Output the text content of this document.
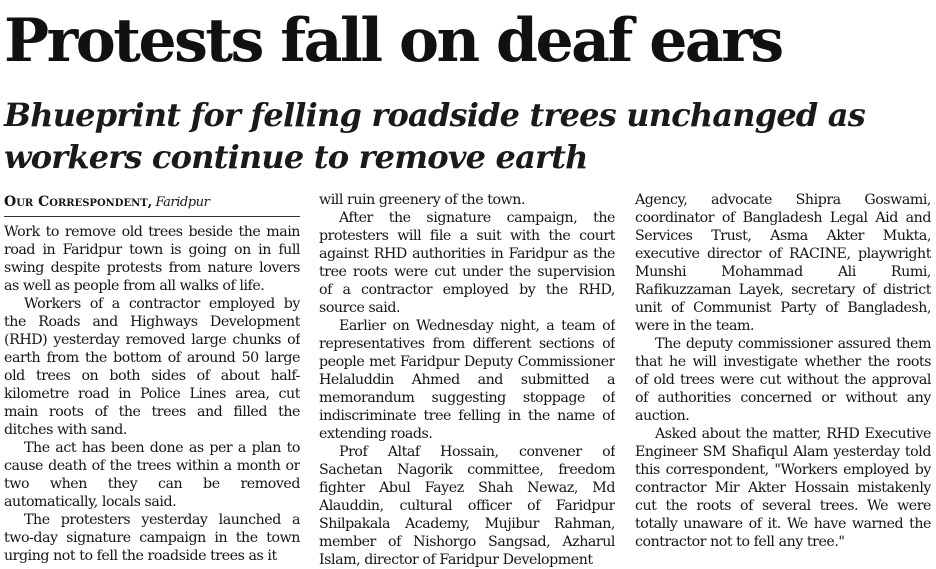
Protests fall on deaf ears
Bhueprint for felling roadside trees unchanged as workers continue to remove earth
Our Correspondent, Faridpur

Work to remove old trees beside the main road in Faridpur town is going on in full swing despite protests from nature lovers as well as people from all walks of life.

Workers of a contractor employed by the Roads and Highways Development (RHD) yesterday removed large chunks of earth from the bottom of around 50 large old trees on both sides of about half-kilometre road in Police Lines area, cut main roots of the trees and filled the ditches with sand.

The act has been done as per a plan to cause death of the trees within a month or two when they can be removed automatically, locals said.

The protesters yesterday launched a two-day signature campaign in the town urging not to fell the roadside trees as it

will ruin greenery of the town.

After the signature campaign, the protesters will file a suit with the court against RHD authorities in Faridpur as the tree roots were cut under the supervision of a contractor employed by the RHD, source said.

Earlier on Wednesday night, a team of representatives from different sections of people met Faridpur Deputy Commissioner Helaluddin Ahmed and submitted a memorandum suggesting stoppage of indiscriminate tree felling in the name of extending roads.

Prof Altaf Hossain, convener of Sachetan Nagorik committee, freedom fighter Abul Fayez Shah Newaz, Md Alauddin, cultural officer of Faridpur Shilpakala Academy, Mujibur Rahman, member of Nishorgo Sangsad, Azharul Islam, director of Faridpur Development

Agency, advocate Shipra Goswami, coordinator of Bangladesh Legal Aid and Services Trust, Asma Akter Mukta, executive director of RACINE, playwright Munshi Mohammad Ali Rumi, Rafikuzzaman Layek, secretary of district unit of Communist Party of Bangladesh, were in the team.

The deputy commissioner assured them that he will investigate whether the roots of old trees were cut without the approval of authorities concerned or without any auction.

Asked about the matter, RHD Executive Engineer SM Shafiqul Alam yesterday told this correspondent, "Workers employed by contractor Mir Akter Hossain mistakenly cut the roots of several trees. We were totally unaware of it. We have warned the contractor not to fell any tree."
